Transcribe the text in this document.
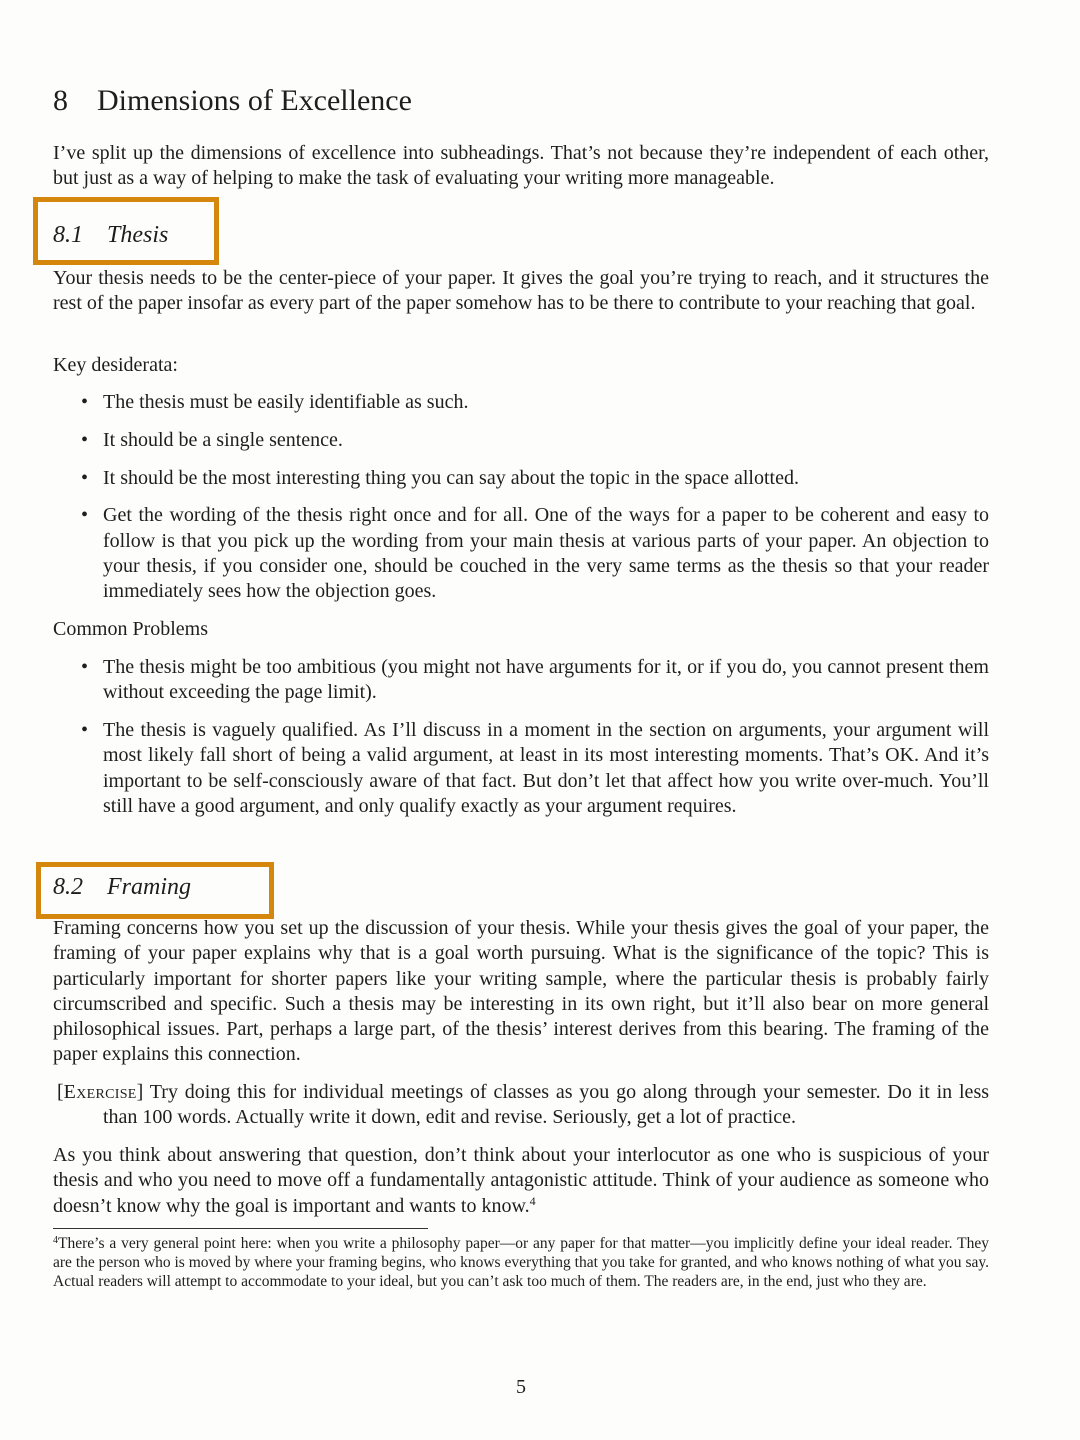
8 Dimensions of Excellence

I’ve split up the dimensions of excellence into subheadings. That’s not because they’re independent of each other, but just as a way of helping to make the task of evaluating your writing more manageable.

8.1 Thesis

Your thesis needs to be the center-piece of your paper. It gives the goal you’re trying to reach, and it structures the rest of the paper insofar as every part of the paper somehow has to be there to contribute to your reaching that goal.

Key desiderata:

• The thesis must be easily identifiable as such.
• It should be a single sentence.
• It should be the most interesting thing you can say about the topic in the space allotted.
• Get the wording of the thesis right once and for all. One of the ways for a paper to be coherent and easy to follow is that you pick up the wording from your main thesis at various parts of your paper. An objection to your thesis, if you consider one, should be couched in the very same terms as the thesis so that your reader immediately sees how the objection goes.

Common Problems

• The thesis might be too ambitious (you might not have arguments for it, or if you do, you cannot present them without exceeding the page limit).
• The thesis is vaguely qualified. As I’ll discuss in a moment in the section on arguments, your argument will most likely fall short of being a valid argument, at least in its most interesting moments. That’s OK. And it’s important to be self-consciously aware of that fact. But don’t let that affect how you write over-much. You’ll still have a good argument, and only qualify exactly as your argument requires.
8.2 Framing

Framing concerns how you set up the discussion of your thesis. While your thesis gives the goal of your paper, the framing of your paper explains why that is a goal worth pursuing. What is the significance of the topic? This is particularly important for shorter papers like your writing sample, where the particular thesis is probably fairly circumscribed and specific. Such a thesis may be interesting in its own right, but it’ll also bear on more general philosophical issues. Part, perhaps a large part, of the thesis’ interest derives from this bearing. The framing of the paper explains this connection.

[Exercise] Try doing this for individual meetings of classes as you go along through your semester. Do it in less than 100 words. Actually write it down, edit and revise. Seriously, get a lot of practice.

As you think about answering that question, don’t think about your interlocutor as one who is suspicious of your thesis and who you need to move off a fundamentally antagonistic attitude. Think of your audience as someone who doesn’t know why the goal is important and wants to know.$^4$

$^4$There’s a very general point here: when you write a philosophy paper—or any paper for that matter—you implicitly define your ideal reader. They are the person who is moved by where your framing begins, who knows everything that you take for granted, and who knows nothing of what you say. Actual readers will attempt to accommodate to your ideal, but you can’t ask too much of them. The readers are, in the end, just who they are.

5
